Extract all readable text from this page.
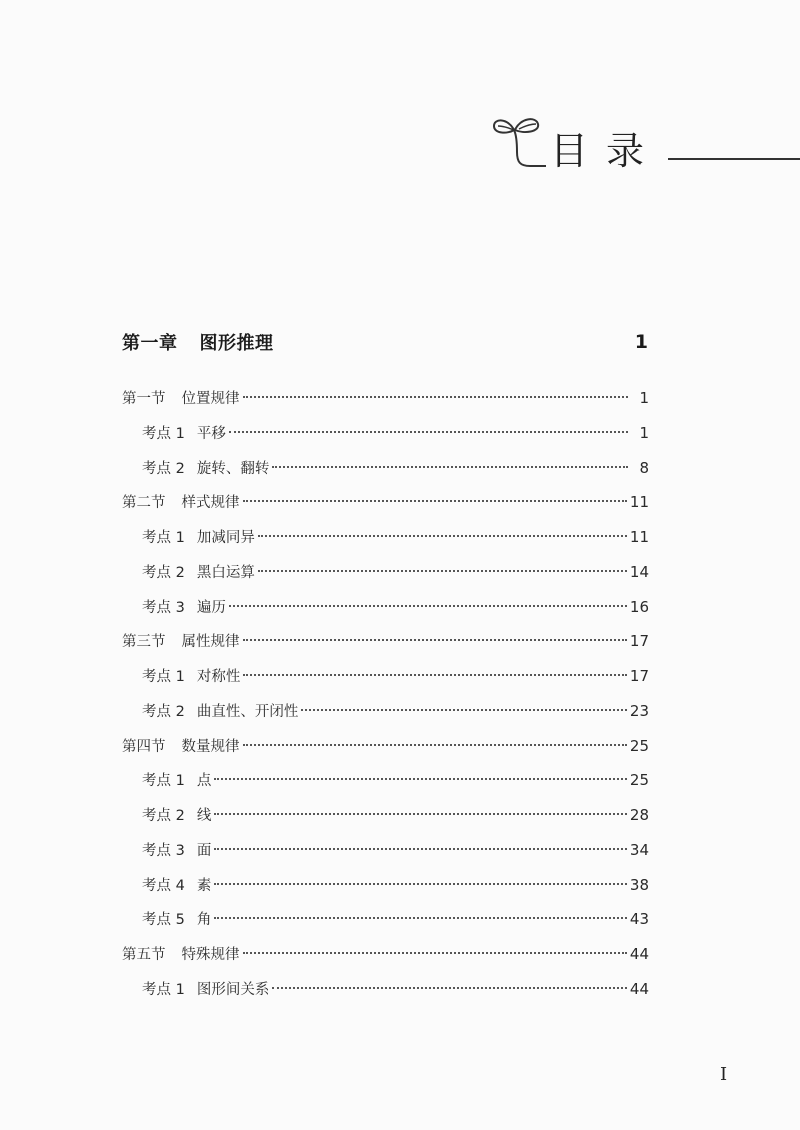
目录
第一章 图形推理	1
第一节 位置规律	1
考点 1 平移	1
考点 2 旋转、翻转	8
第二节 样式规律	11
考点 1 加减同异	11
考点 2 黑白运算	14
考点 3 遍历	16
第三节 属性规律	17
考点 1 对称性	17
考点 2 曲直性、开闭性	23
第四节 数量规律	25
考点 1 点	25
考点 2 线	28
考点 3 面	34
考点 4 素	38
考点 5 角	43
第五节 特殊规律	44
考点 1 图形间关系	44
I
